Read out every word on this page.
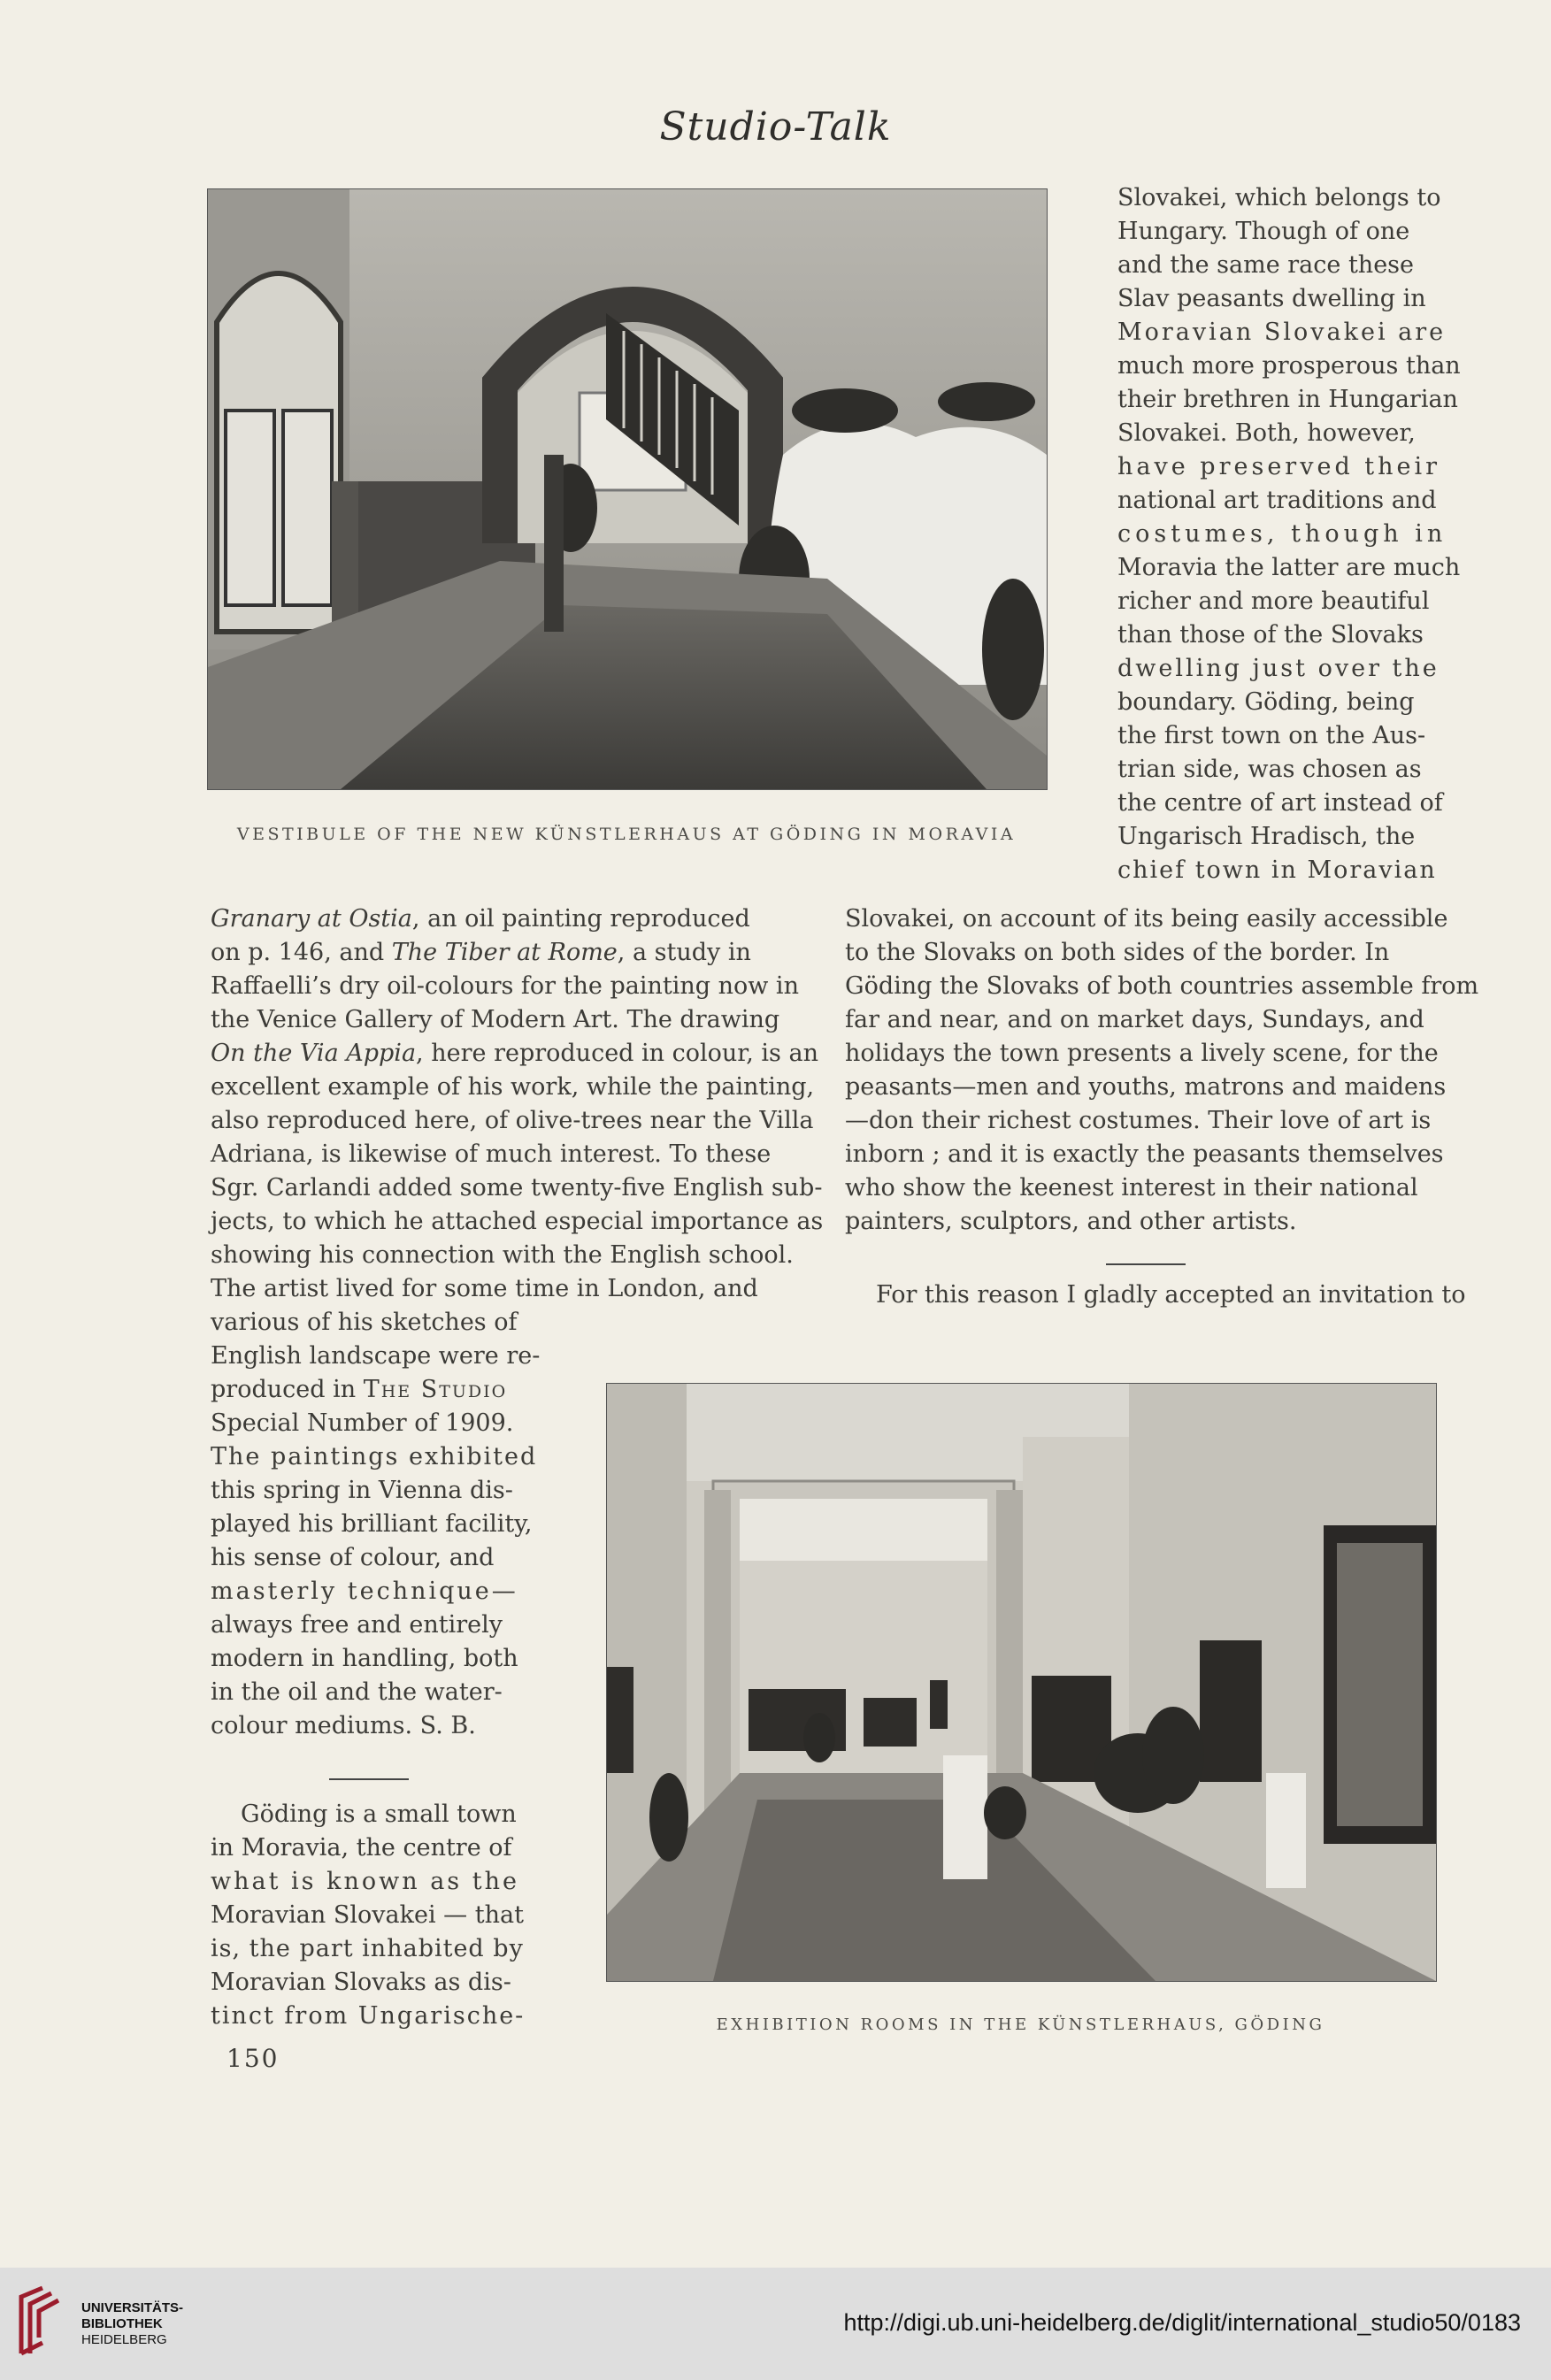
Studio-Talk
VESTIBULE OF THE NEW KÜNSTLERHAUS AT GÖDING IN MORAVIA
Slovakei, which belongs to
Hungary. Though of one
and the same race these
Slav peasants dwelling in
Moravian Slovakei are
much more prosperous than
their brethren in Hungarian
Slovakei. Both, however,
have preserved their
national art traditions and
costumes, though in
Moravia the latter are much
richer and more beautiful
than those of the Slovaks
dwelling just over the
boundary. Göding, being
the first town on the Aus-
trian side, was chosen as
the centre of art instead of
Ungarisch Hradisch, the
chief town in Moravian
Slovakei, on account of its being easily accessible
to the Slovaks on both sides of the border. In
Göding the Slovaks of both countries assemble from
far and near, and on market days, Sundays, and
holidays the town presents a lively scene, for the
peasants—men and youths, matrons and maidens
—don their richest costumes. Their love of art is
inborn ; and it is exactly the peasants themselves
who show the keenest interest in their national
painters, sculptors, and other artists.
For this reason I gladly accepted an invitation to
Granary at Ostia, an oil painting reproduced
on p. 146, and The Tiber at Rome, a study in
Raffaelli’s dry oil-colours for the painting now in
the Venice Gallery of Modern Art. The drawing
On the Via Appia, here reproduced in colour, is an
excellent example of his work, while the painting,
also reproduced here, of olive-trees near the Villa
Adriana, is likewise of much interest. To these
Sgr. Carlandi added some twenty-five English sub-
jects, to which he attached especial importance as
showing his connection with the English school.
The artist lived for some time in London, and
various of his sketches of
English landscape were re-
produced in The Studio
Special Number of 1909.
The paintings exhibited
this spring in Vienna dis-
played his brilliant facility,
his sense of colour, and
masterly technique—
always free and entirely
modern in handling, both
in the oil and the water-
colour mediums. S. B.
Göding is a small town
in Moravia, the centre of
what is known as the
Moravian Slovakei — that
is, the part inhabited by
Moravian Slovaks as dis-
tinct from Ungarische-
150
EXHIBITION ROOMS IN THE KÜNSTLERHAUS, GÖDING
UNIVERSITÄTS-
BIBLIOTHEK
HEIDELBERG
http://digi.ub.uni-heidelberg.de/diglit/international_studio50/0183
